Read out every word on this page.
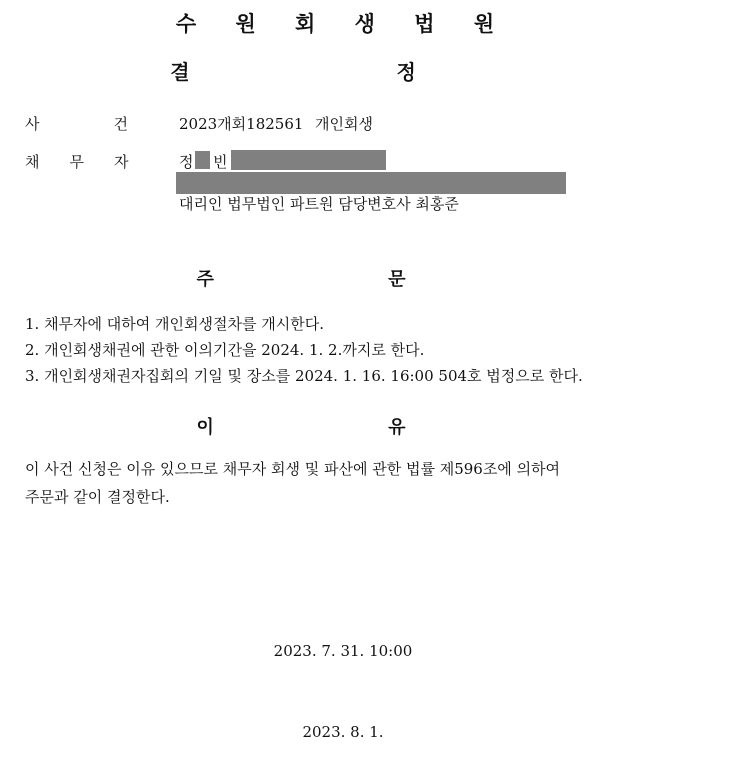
수 원 회 생 법 원
결 정
사건
2023개회182561 개인회생
채무자 정 빈
대리인 법무법인 파트원 담당변호사 최홍준
주 문
1. 채무자에 대하여 개인회생절차를 개시한다.
2. 개인회생채권에 관한 이의기간을 2024. 1. 2.까지로 한다.
3. 개인회생채권자집회의 기일 및 장소를 2024. 1. 16. 16:00 504호 법정으로 한다.
이 유
이 사건 신청은 이유 있으므로 채무자 회생 및 파산에 관한 법률 제596조에 의하여
주문과 같이 결정한다.
2023. 7. 31. 10:00
2023. 8. 1.
